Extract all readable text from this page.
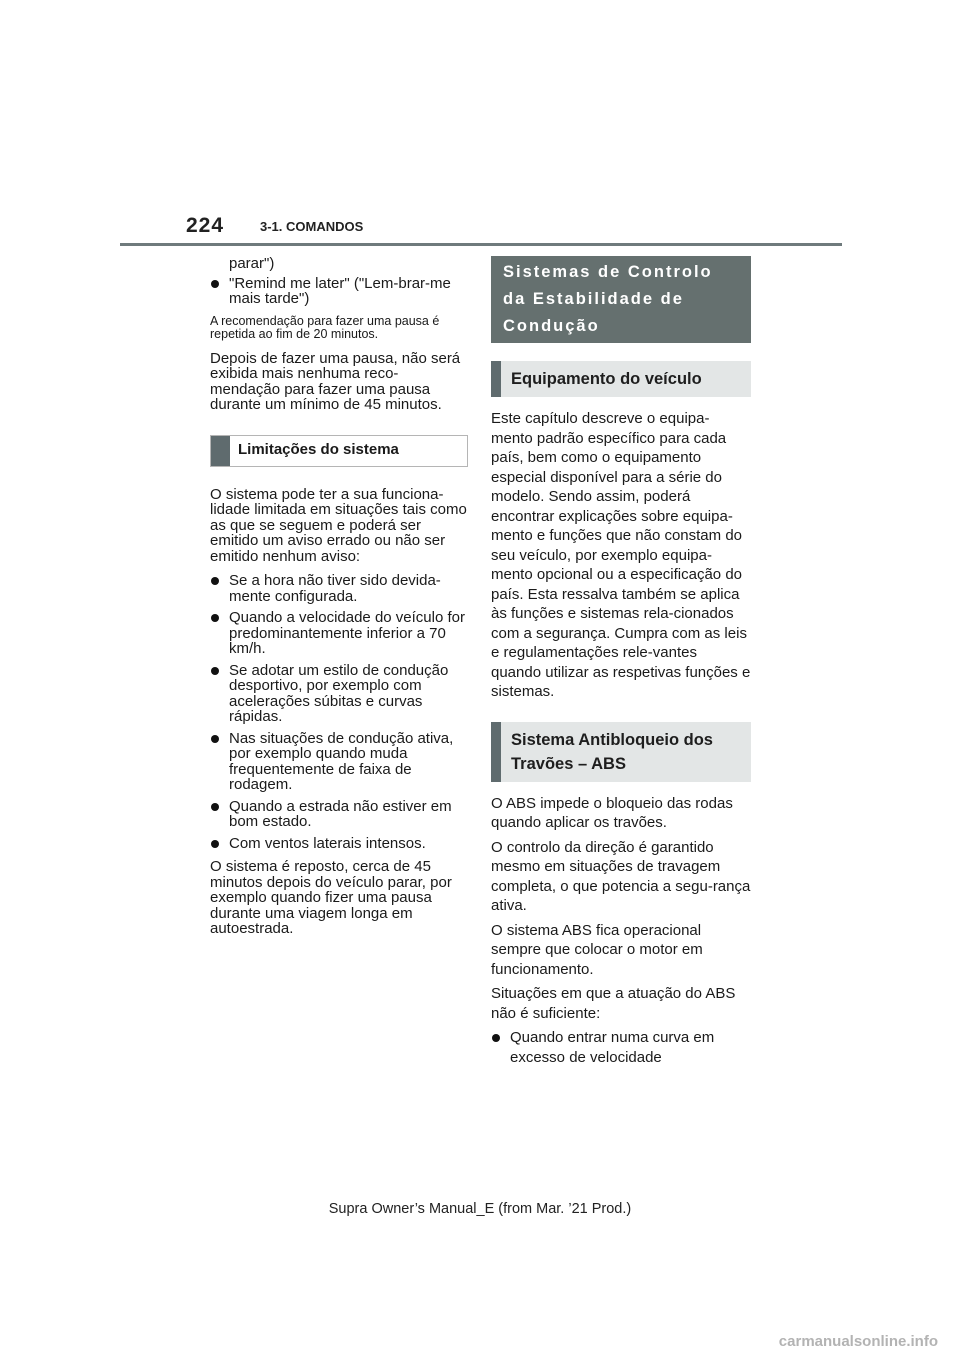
224	3-1. COMANDOS

parar")

"Remind me later" ("Lem-brar-me mais tarde")

A recomendação para fazer uma pausa é repetida ao fim de 20 minutos.

Depois de fazer uma pausa, não será exibida mais nenhuma reco-mendação para fazer uma pausa durante um mínimo de 45 minutos.

Limitações do sistema

O sistema pode ter a sua funciona-lidade limitada em situações tais como as que se seguem e poderá ser emitido um aviso errado ou não ser emitido nenhum aviso:

Se a hora não tiver sido devida-mente configurada.
Quando a velocidade do veículo for predominantemente inferior a 70 km/h.
Se adotar um estilo de condução desportivo, por exemplo com acelerações súbitas e curvas rápidas.
Nas situações de condução ativa, por exemplo quando muda frequentemente de faixa de rodagem.
Quando a estrada não estiver em bom estado.
Com ventos laterais intensos.

O sistema é reposto, cerca de 45 minutos depois do veículo parar, por exemplo quando fizer uma pausa durante uma viagem longa em autoestrada.

Sistemas de Controlo da Estabilidade de Condução
Equipamento do veículo

Este capítulo descreve o equipa-mento padrão específico para cada país, bem como o equipamento especial disponível para a série do modelo. Sendo assim, poderá encontrar explicações sobre equipa-mento e funções que não constam do seu veículo, por exemplo equipa-mento opcional ou a especificação do país. Esta ressalva também se aplica às funções e sistemas rela-cionados com a segurança. Cumpra com as leis e regulamentações rele-vantes quando utilizar as respetivas funções e sistemas.

Sistema Antibloqueio dos Travões – ABS

O ABS impede o bloqueio das rodas quando aplicar os travões.

O controlo da direção é garantido mesmo em situações de travagem completa, o que potencia a segu-rança ativa.

O sistema ABS fica operacional sempre que colocar o motor em funcionamento.

Situações em que a atuação do ABS não é suficiente:

Quando entrar numa curva em excesso de velocidade
Supra Owner’s Manual_E (from Mar. ’21 Prod.)
carmanualsonline.info
